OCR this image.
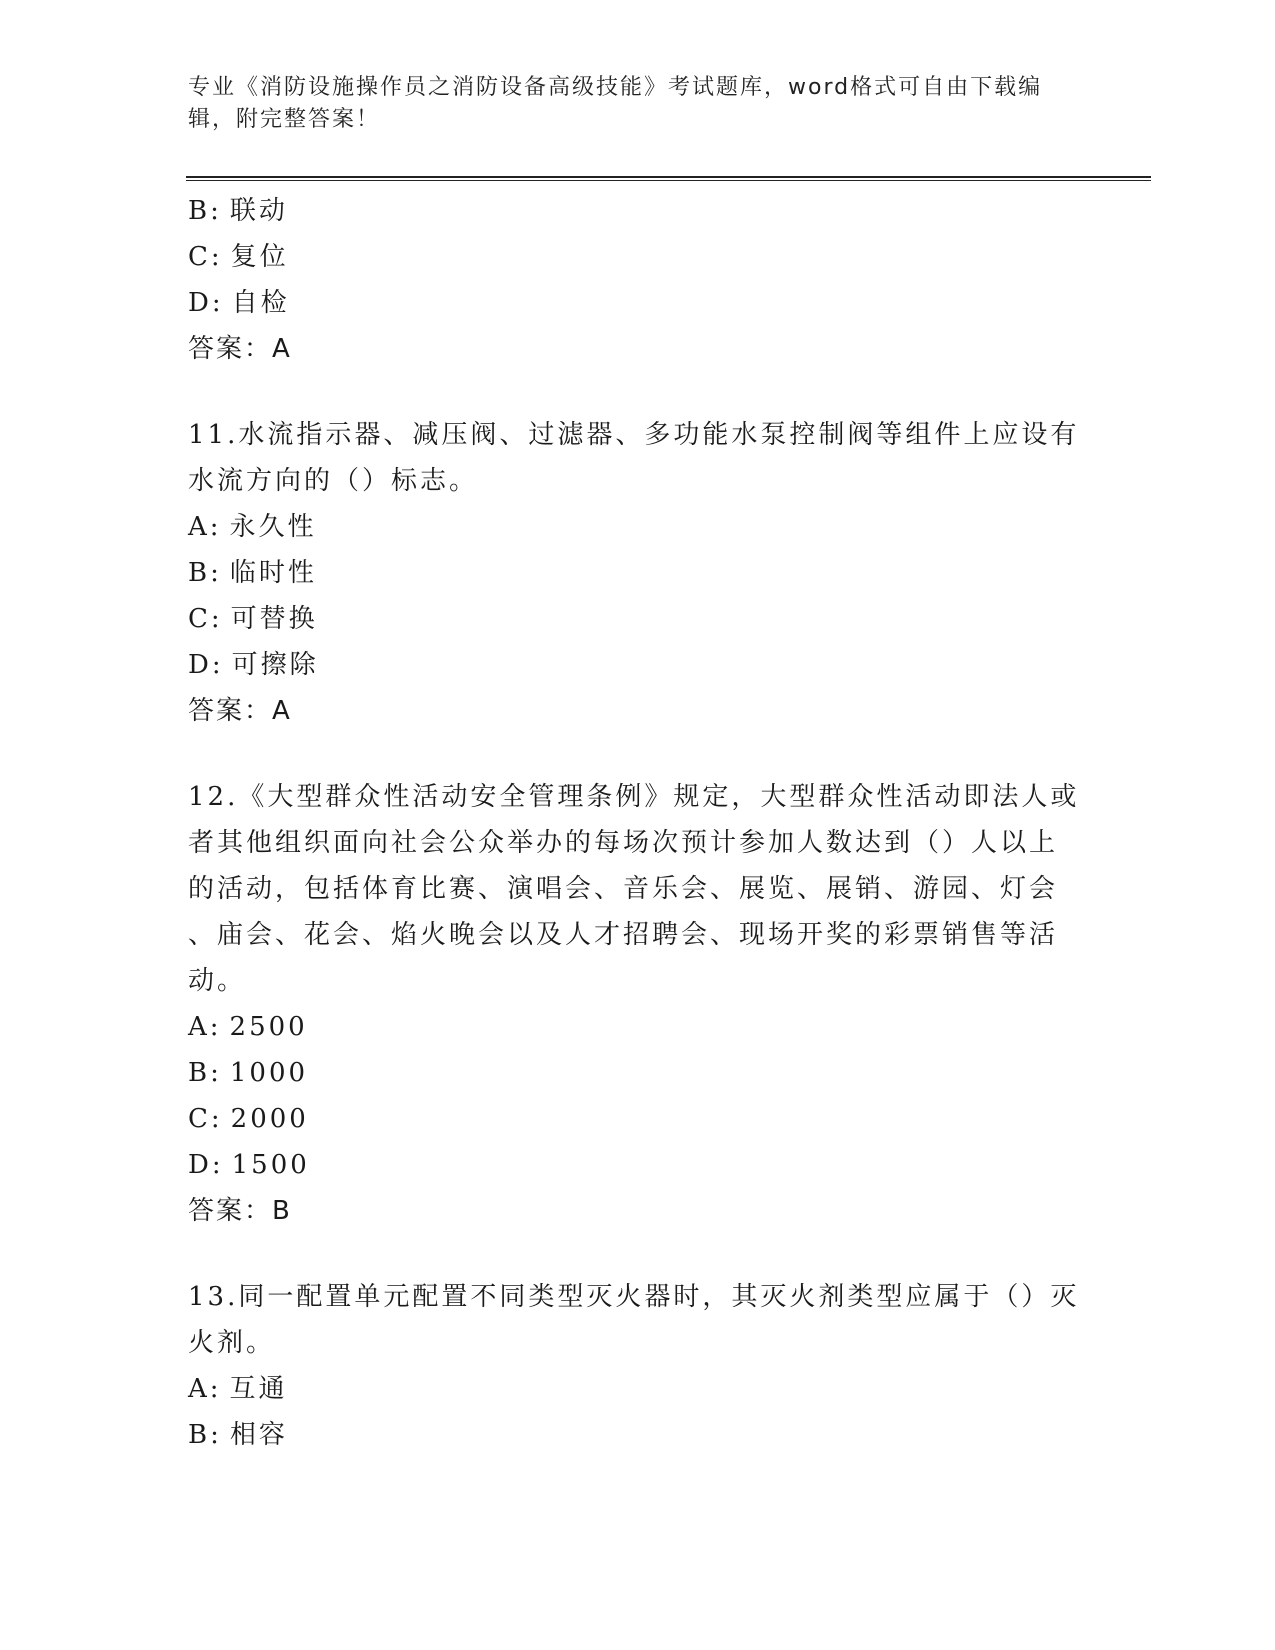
专业《消防设施操作员之消防设备高级技能》考试题库，word格式可自由下载编
辑，附完整答案！
B: 联动
C: 复位
D: 自检
答案：A
11.水流指示器、减压阀、过滤器、多功能水泵控制阀等组件上应设有
水流方向的（）标志。
A: 永久性
B: 临时性
C: 可替换
D: 可擦除
答案：A
12.《大型群众性活动安全管理条例》规定，大型群众性活动即法人或
者其他组织面向社会公众举办的每场次预计参加人数达到（）人以上
的活动，包括体育比赛、演唱会、音乐会、展览、展销、游园、灯会
、庙会、花会、焰火晚会以及人才招聘会、现场开奖的彩票销售等活
动。
A: 2500
B: 1000
C: 2000
D: 1500
答案：B
13.同一配置单元配置不同类型灭火器时，其灭火剂类型应属于（）灭
火剂。
A: 互通
B: 相容
